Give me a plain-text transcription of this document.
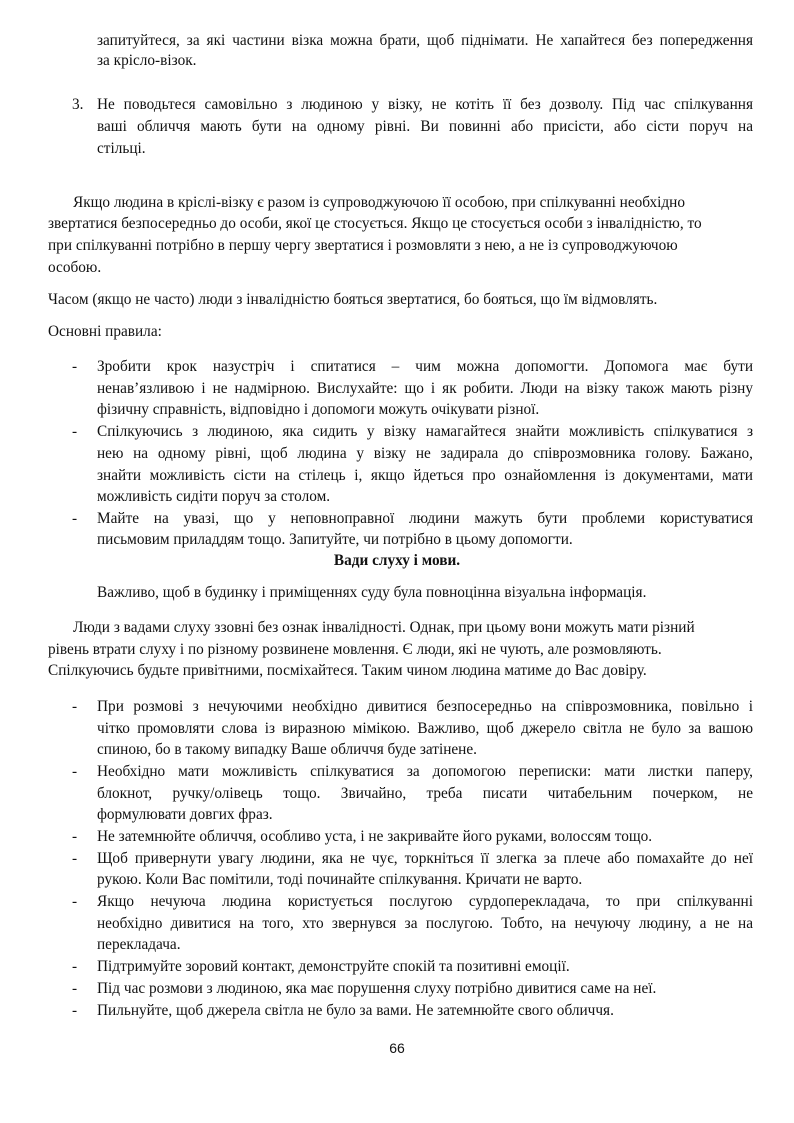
запитуйтеся, за які частини візка можна брати, щоб піднімати. Не хапайтеся без попередження
за крісло-візок.
3. Не поводьтеся самовільно з людиною у візку, не котіть її без дозволу. Під час спілкування
ваші обличчя мають бути на одному рівні. Ви повинні або присісти, або сісти поруч на
стільці.
Якщо людина в кріслі-візку є разом із супроводжуючою її особою, при спілкуванні необхідно
звертатися безпосередньо до особи, якої це стосується. Якщо це стосується особи з інвалідністю, то
при спілкуванні потрібно в першу чергу звертатися і розмовляти з нею, а не із супроводжуючою
особою.
Часом (якщо не часто) люди з інвалідністю бояться звертатися, бо бояться, що їм відмовлять.
Основні правила:
- Зробити крок назустріч і спитатися – чим можна допомогти. Допомога має бути
ненав’язливою і не надмірною. Вислухайте: що і як робити. Люди на візку також мають різну
фізичну справність, відповідно і допомоги можуть очікувати різної.
- Спілкуючись з людиною, яка сидить у візку намагайтеся знайти можливість спілкуватися з
нею на одному рівні, щоб людина у візку не задирала до співрозмовника голову. Бажано,
знайти можливість сісти на стілець і, якщо йдеться про ознайомлення із документами, мати
можливість сидіти поруч за столом.
- Майте на увазі, що у неповноправної людини мажуть бути проблеми користуватися
письмовим приладдям тощо. Запитуйте, чи потрібно в цьому допомогти.
Вади слуху і мови.
Важливо, щоб в будинку і приміщеннях суду була повноцінна візуальна інформація.
Люди з вадами слуху ззовні без ознак інвалідності. Однак, при цьому вони можуть мати різний
рівень втрати слуху і по різному розвинене мовлення. Є люди, які не чують, але розмовляють.
Спілкуючись будьте привітними, посміхайтеся. Таким чином людина матиме до Вас довіру.
- При розмові з нечуючими необхідно дивитися безпосередньо на співрозмовника, повільно і
чітко промовляти слова із виразною мімікою. Важливо, щоб джерело світла не було за вашою
спиною, бо в такому випадку Ваше обличчя буде затінене.
- Необхідно мати можливість спілкуватися за допомогою переписки: мати листки паперу,
блокнот, ручку/олівець тощо. Звичайно, треба писати читабельним почерком, не
формулювати довгих фраз.
- Не затемнюйте обличчя, особливо уста, і не закривайте його руками, волоссям тощо.
- Щоб привернути увагу людини, яка не чує, торкніться її злегка за плече або помахайте до неї
рукою. Коли Вас помітили, тоді починайте спілкування. Кричати не варто.
- Якщо нечуюча людина користується послугою сурдоперекладача, то при спілкуванні
необхідно дивитися на того, хто звернувся за послугою. Тобто, на нечуючу людину, а не на
перекладача.
- Підтримуйте зоровий контакт, демонструйте спокій та позитивні емоції.
- Під час розмови з людиною, яка має порушення слуху потрібно дивитися саме на неї.
- Пильнуйте, щоб джерела світла не було за вами. Не затемнюйте свого обличчя.
66
